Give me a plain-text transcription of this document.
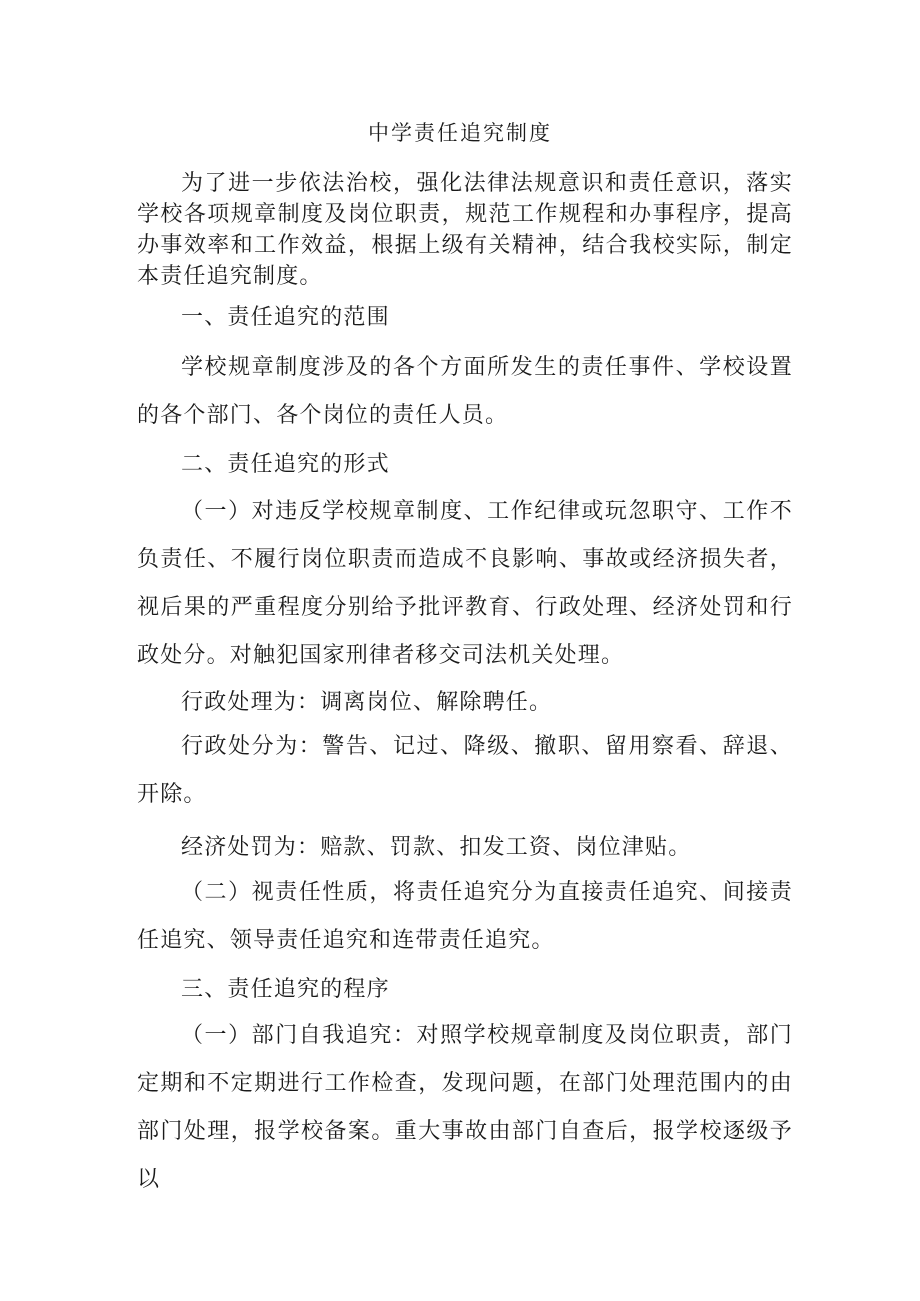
中学责任追究制度
为了进一步依法治校，强化法律法规意识和责任意识，落实学校各项规章制度及岗位职责，规范工作规程和办事程序，提高办事效率和工作效益，根据上级有关精神，结合我校实际，制定本责任追究制度。
一、责任追究的范围
学校规章制度涉及的各个方面所发生的责任事件、学校设置的各个部门、各个岗位的责任人员。
二、责任追究的形式
（一）对违反学校规章制度、工作纪律或玩忽职守、工作不负责任、不履行岗位职责而造成不良影响、事故或经济损失者，视后果的严重程度分别给予批评教育、行政处理、经济处罚和行政处分。对触犯国家刑律者移交司法机关处理。
行政处理为：调离岗位、解除聘任。
行政处分为：警告、记过、降级、撤职、留用察看、辞退、开除。
经济处罚为：赔款、罚款、扣发工资、岗位津贴。
（二）视责任性质，将责任追究分为直接责任追究、间接责任追究、领导责任追究和连带责任追究。
三、责任追究的程序
（一）部门自我追究：对照学校规章制度及岗位职责，部门定期和不定期进行工作检查，发现问题，在部门处理范围内的由部门处理，报学校备案。重大事故由部门自查后，报学校逐级予以
